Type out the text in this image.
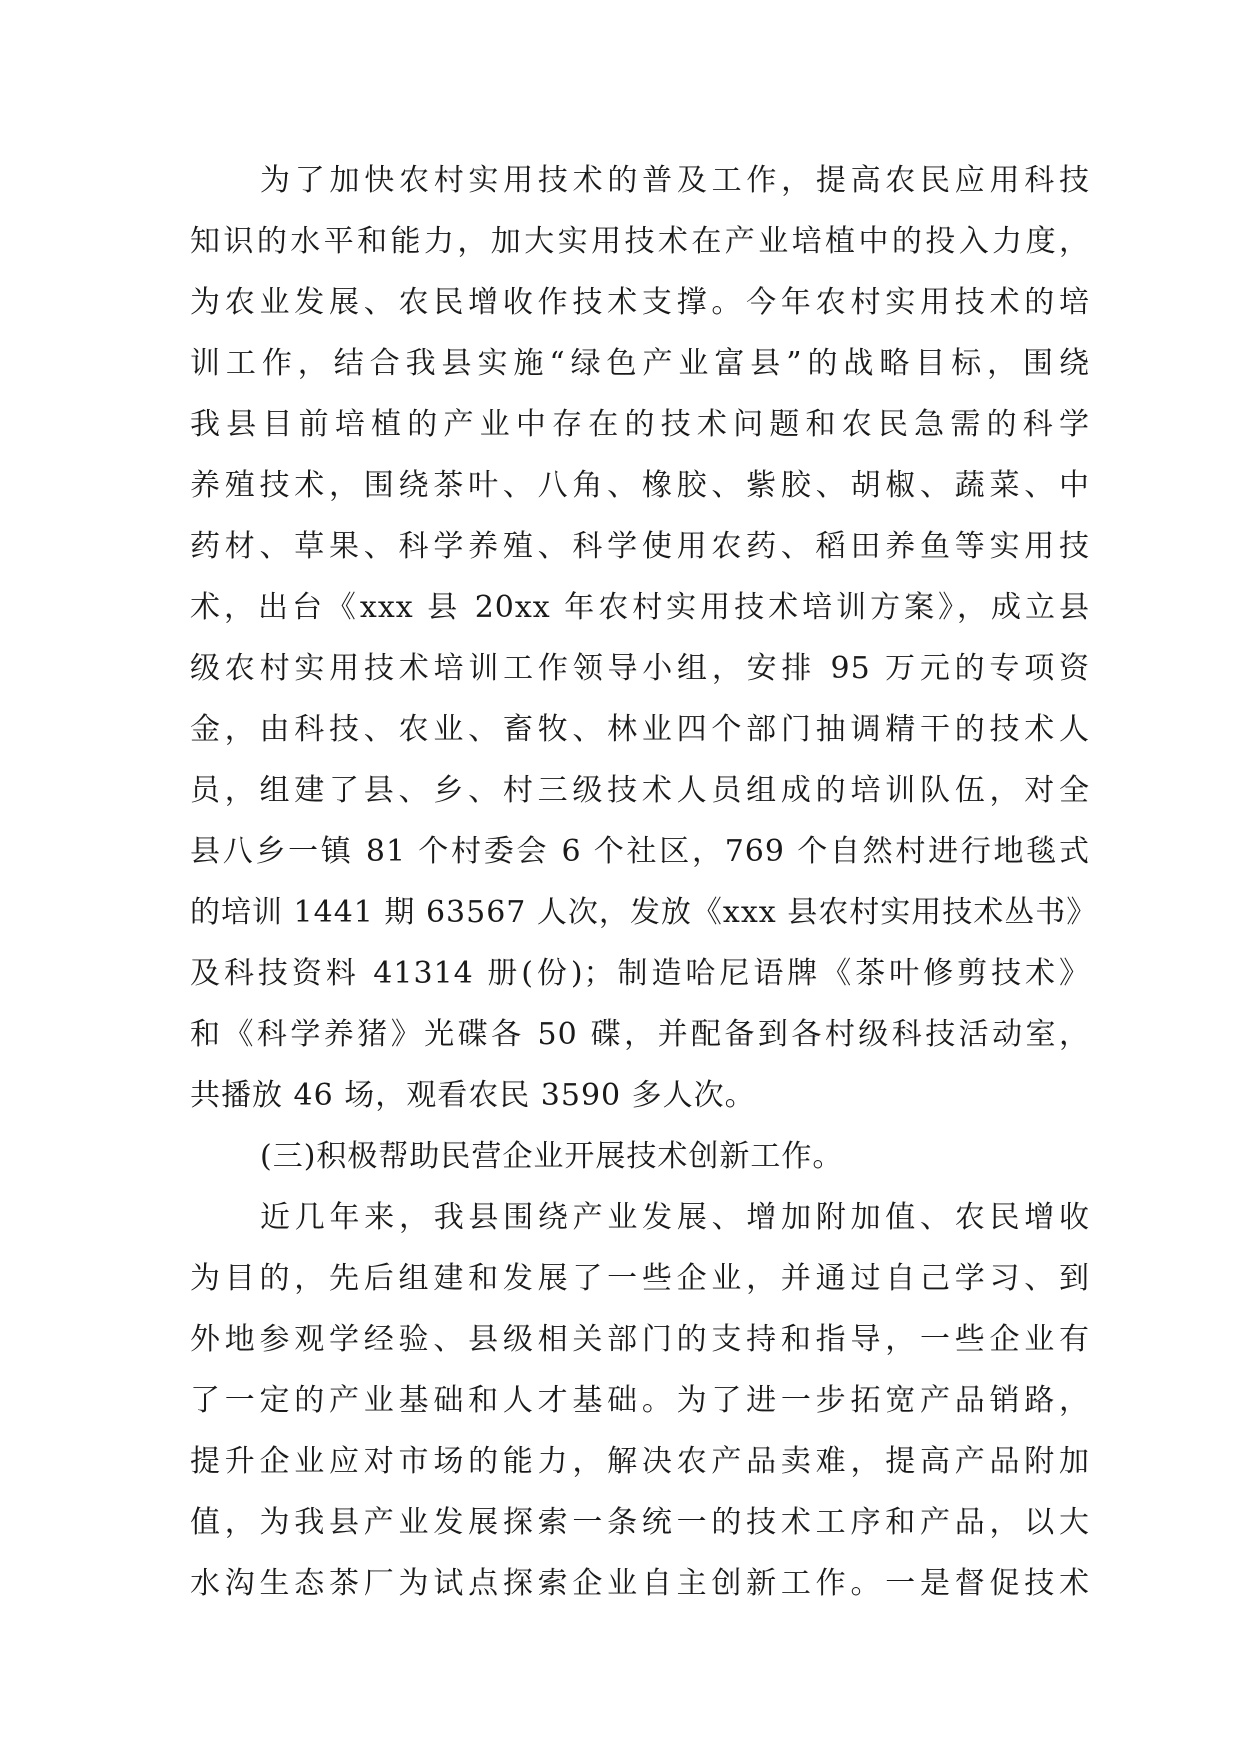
为了加快农村实用技术的普及工作，提高农民应用科技
知识的水平和能力，加大实用技术在产业培植中的投入力度，
为农业发展、农民增收作技术支撑。今年农村实用技术的培
训工作，结合我县实施“绿色产业富县”的战略目标，围绕
我县目前培植的产业中存在的技术问题和农民急需的科学
养殖技术，围绕茶叶、八角、橡胶、紫胶、胡椒、蔬菜、中
药材、草果、科学养殖、科学使用农药、稻田养鱼等实用技
术，出台《xxx 县 20xx 年农村实用技术培训方案》，成立县
级农村实用技术培训工作领导小组，安排 95 万元的专项资
金，由科技、农业、畜牧、林业四个部门抽调精干的技术人
员，组建了县、乡、村三级技术人员组成的培训队伍，对全
县八乡一镇 81 个村委会 6 个社区，769 个自然村进行地毯式
的培训 1441 期 63567 人次，发放《xxx 县农村实用技术丛书》
及科技资料 41314 册(份)；制造哈尼语牌《茶叶修剪技术》
和《科学养猪》光碟各 50 碟，并配备到各村级科技活动室，
共播放 46 场，观看农民 3590 多人次。
(三)积极帮助民营企业开展技术创新工作。
近几年来，我县围绕产业发展、增加附加值、农民增收
为目的，先后组建和发展了一些企业，并通过自己学习、到
外地参观学经验、县级相关部门的支持和指导，一些企业有
了一定的产业基础和人才基础。为了进一步拓宽产品销路，
提升企业应对市场的能力，解决农产品卖难，提高产品附加
值，为我县产业发展探索一条统一的技术工序和产品，以大
水沟生态茶厂为试点探索企业自主创新工作。一是督促技术
